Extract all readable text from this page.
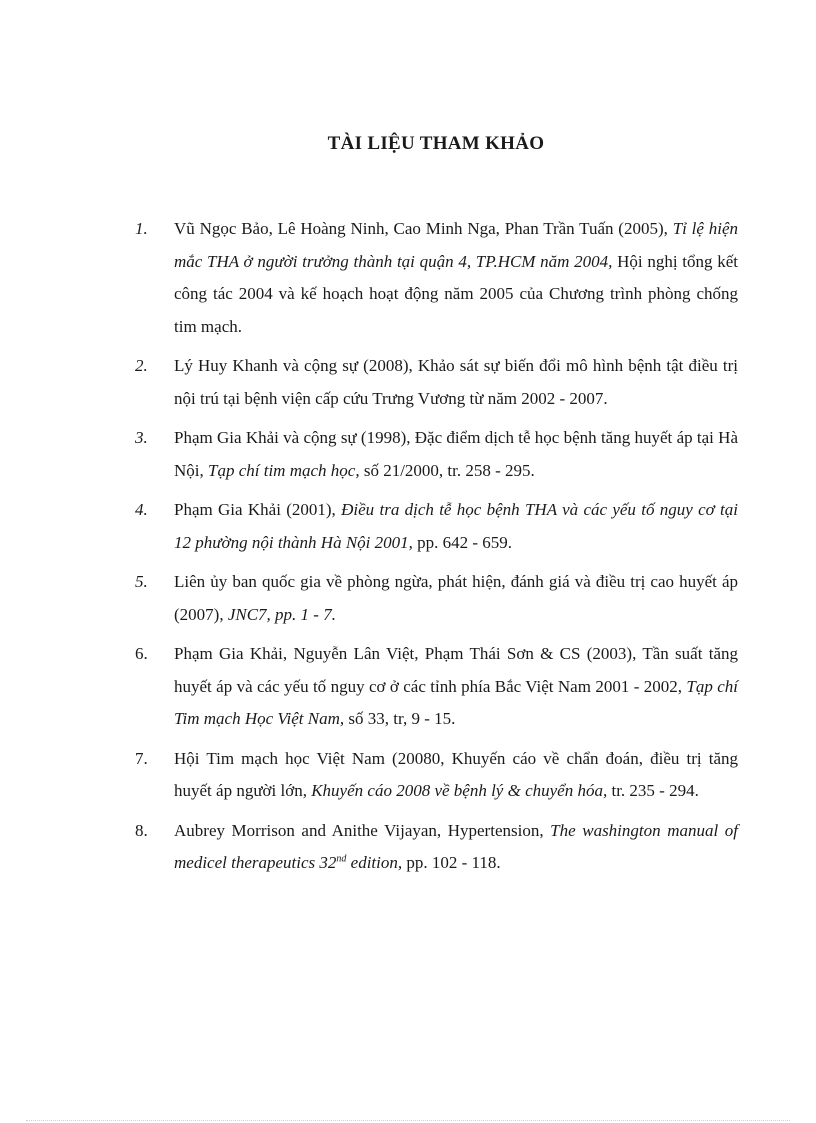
TÀI LIỆU THAM KHẢO
1. Vũ Ngọc Bảo, Lê Hoàng Ninh, Cao Minh Nga, Phan Trần Tuấn (2005), Tỉ lệ hiện mắc THA ở người trưởng thành tại quận 4, TP.HCM năm 2004, Hội nghị tổng kết công tác 2004 và kế hoạch hoạt động năm 2005 của Chương trình phòng chống tim mạch.
2. Lý Huy Khanh và cộng sự (2008), Khảo sát sự biến đổi mô hình bệnh tật điều trị nội trú tại bệnh viện cấp cứu Trưng Vương từ năm 2002 - 2007.
3. Phạm Gia Khải và cộng sự (1998), Đặc điểm dịch tễ học bệnh tăng huyết áp tại Hà Nội, Tạp chí tim mạch học, số 21/2000, tr. 258 - 295.
4. Phạm Gia Khải (2001), Điều tra dịch tễ học bệnh THA và các yếu tố nguy cơ tại 12 phường nội thành Hà Nội 2001, pp. 642 - 659.
5. Liên ủy ban quốc gia về phòng ngừa, phát hiện, đánh giá và điều trị cao huyết áp (2007), JNC7, pp. 1 - 7.
6. Phạm Gia Khải, Nguyễn Lân Việt, Phạm Thái Sơn & CS (2003), Tần suất tăng huyết áp và các yếu tố nguy cơ ở các tỉnh phía Bắc Việt Nam 2001 - 2002, Tạp chí Tim mạch Học Việt Nam, số 33, tr, 9 - 15.
7. Hội Tim mạch học Việt Nam (20080, Khuyến cáo về chẩn đoán, điều trị tăng huyết áp người lớn, Khuyến cáo 2008 về bệnh lý & chuyển hóa, tr. 235 - 294.
8. Aubrey Morrison and Anithe Vijayan, Hypertension, The washington manual of medicel therapeutics 32nd edition, pp. 102 - 118.
